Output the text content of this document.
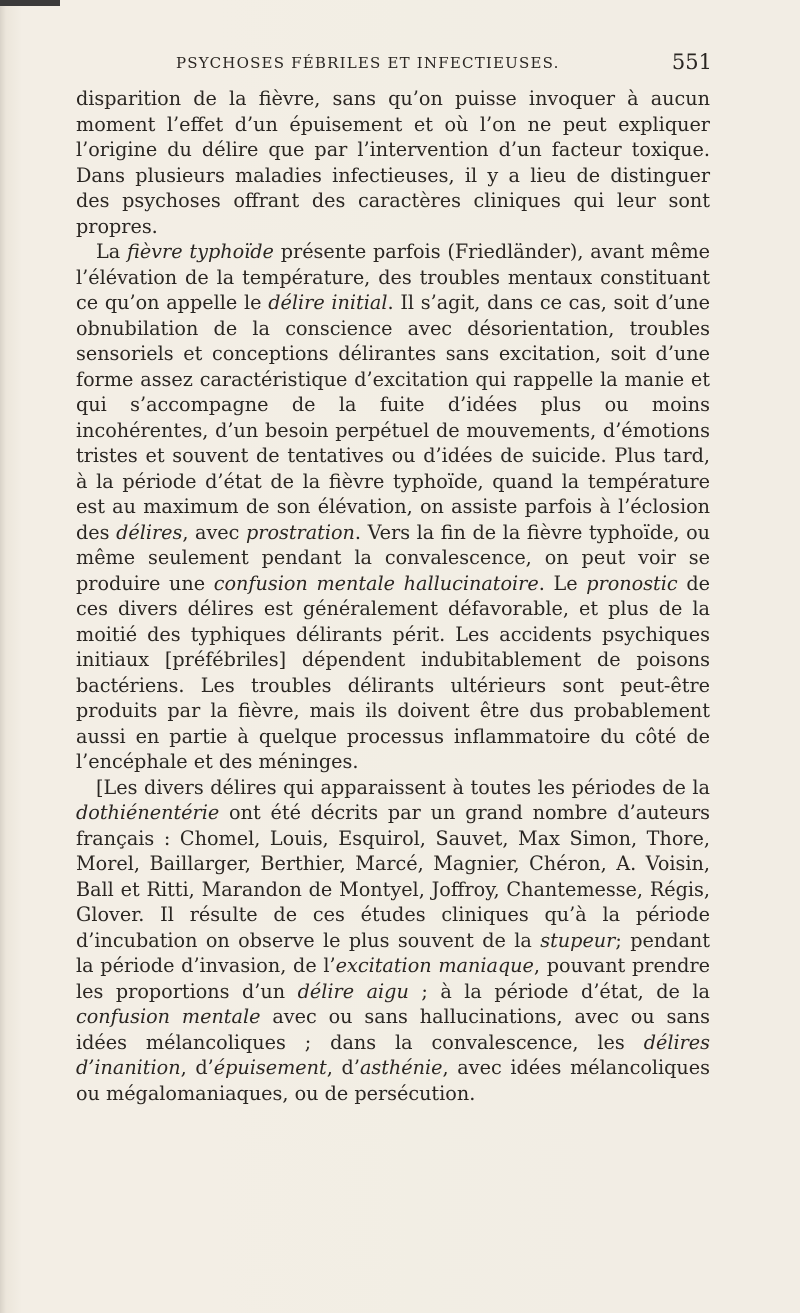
PSYCHOSES FÉBRILES ET INFECTIEUSES.	551

disparition de la fièvre, sans qu’on puisse invoquer à aucun moment l’effet d’un épuisement et où l’on ne peut expliquer l’origine du délire que par l’intervention d’un facteur toxique. Dans plusieurs maladies infectieuses, il y a lieu de distinguer des psychoses offrant des caractères cliniques qui leur sont propres.

La fièvre typhoïde présente parfois (Friedländer), avant même l’élévation de la température, des troubles mentaux constituant ce qu’on appelle le délire initial. Il s’agit, dans ce cas, soit d’une obnubilation de la conscience avec désorientation, troubles sensoriels et conceptions délirantes sans excitation, soit d’une forme assez caractéristique d’excitation qui rappelle la manie et qui s’accompagne de la fuite d’idées plus ou moins incohérentes, d’un besoin perpétuel de mouvements, d’émotions tristes et souvent de tentatives ou d’idées de suicide. Plus tard, à la période d’état de la fièvre typhoïde, quand la température est au maximum de son élévation, on assiste parfois à l’éclosion des délires, avec prostration. Vers la fin de la fièvre typhoïde, ou même seulement pendant la convalescence, on peut voir se produire une confusion mentale hallucinatoire. Le pronostic de ces divers délires est généralement défavorable, et plus de la moitié des typhiques délirants périt. Les accidents psychiques initiaux [préfébriles] dépendent indubitablement de poisons bactériens. Les troubles délirants ultérieurs sont peut-être produits par la fièvre, mais ils doivent être dus probablement aussi en partie à quelque processus inflammatoire du côté de l’encéphale et des méninges.

[Les divers délires qui apparaissent à toutes les périodes de la dothiénentérie ont été décrits par un grand nombre d’auteurs français : Chomel, Louis, Esquirol, Sauvet, Max Simon, Thore, Morel, Baillarger, Berthier, Marcé, Magnier, Chéron, A. Voisin, Ball et Ritti, Marandon de Montyel, Joffroy, Chantemesse, Régis, Glover. Il résulte de ces études cliniques qu’à la période d’incubation on observe le plus souvent de la stupeur; pendant la période d’invasion, de l’excitation maniaque, pouvant prendre les proportions d’un délire aigu ; à la période d’état, de la confusion mentale avec ou sans hallucinations, avec ou sans idées mélancoliques ; dans la convalescence, les délires d’inanition, d’épuisement, d’asthénie, avec idées mélancoliques ou mégalomaniaques, ou de persécution.
